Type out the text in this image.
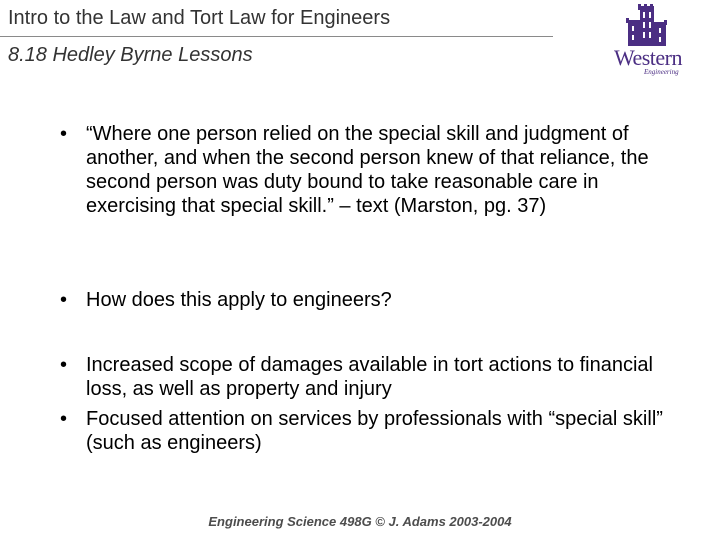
Intro to the Law and Tort Law for Engineers
8.18 Hedley Byrne Lessons	Western
Engineering
• “Where one person relied on the special skill and judgment of another, and when the second person knew of that reliance, the second person was duty bound to take reasonable care in exercising that special skill.” – text (Marston, pg. 37)
• How does this apply to engineers?
• Increased scope of damages available in tort actions to financial loss, as well as property and injury
• Focused attention on services by professionals with “special skill” (such as engineers)
Engineering Science 498G © J. Adams 2003-2004
